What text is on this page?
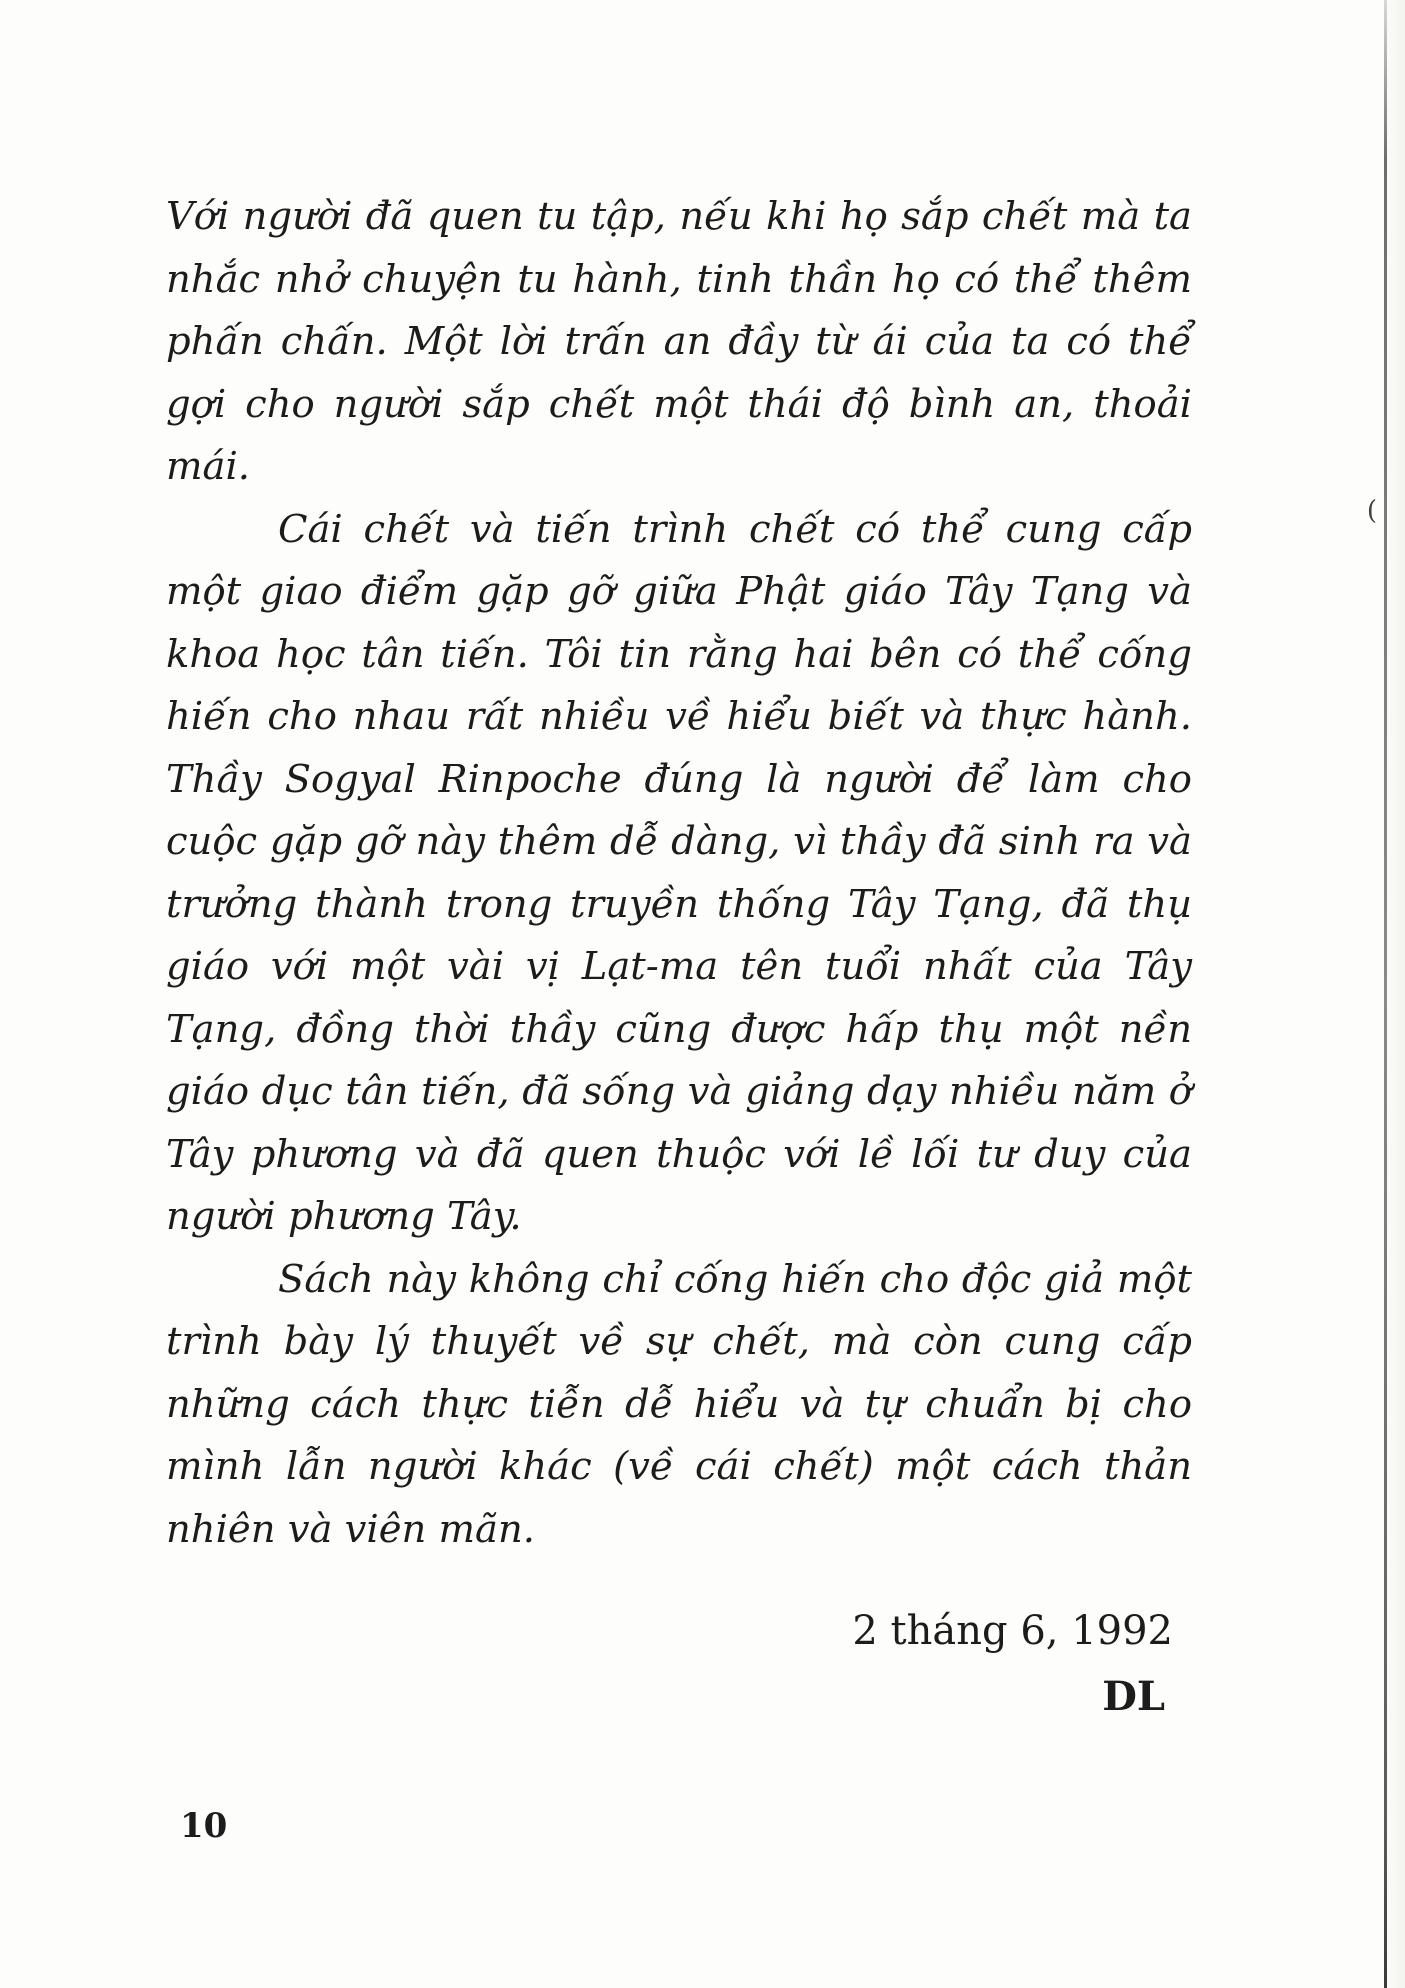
(

Với người đã quen tu tập, nếu khi họ sắp chết mà ta nhắc nhở chuyện tu hành, tinh thần họ có thể thêm phấn chấn. Một lời trấn an đầy từ ái của ta có thể gợi cho người sắp chết một thái độ bình an, thoải mái.

Cái chết và tiến trình chết có thể cung cấp một giao điểm gặp gỡ giữa Phật giáo Tây Tạng và khoa học tân tiến. Tôi tin rằng hai bên có thể cống hiến cho nhau rất nhiều về hiểu biết và thực hành. Thầy Sogyal Rinpoche đúng là người để làm cho cuộc gặp gỡ này thêm dễ dàng, vì thầy đã sinh ra và trưởng thành trong truyền thống Tây Tạng, đã thụ giáo với một vài vị Lạt-ma tên tuổi nhất của Tây Tạng, đồng thời thầy cũng được hấp thụ một nền giáo dục tân tiến, đã sống và giảng dạy nhiều năm ở Tây phương và đã quen thuộc với lề lối tư duy của người phương Tây.

Sách này không chỉ cống hiến cho độc giả một trình bày lý thuyết về sự chết, mà còn cung cấp những cách thực tiễn dễ hiểu và tự chuẩn bị cho mình lẫn người khác (về cái chết) một cách thản nhiên và viên mãn.

2 tháng 6, 1992
DL
10
